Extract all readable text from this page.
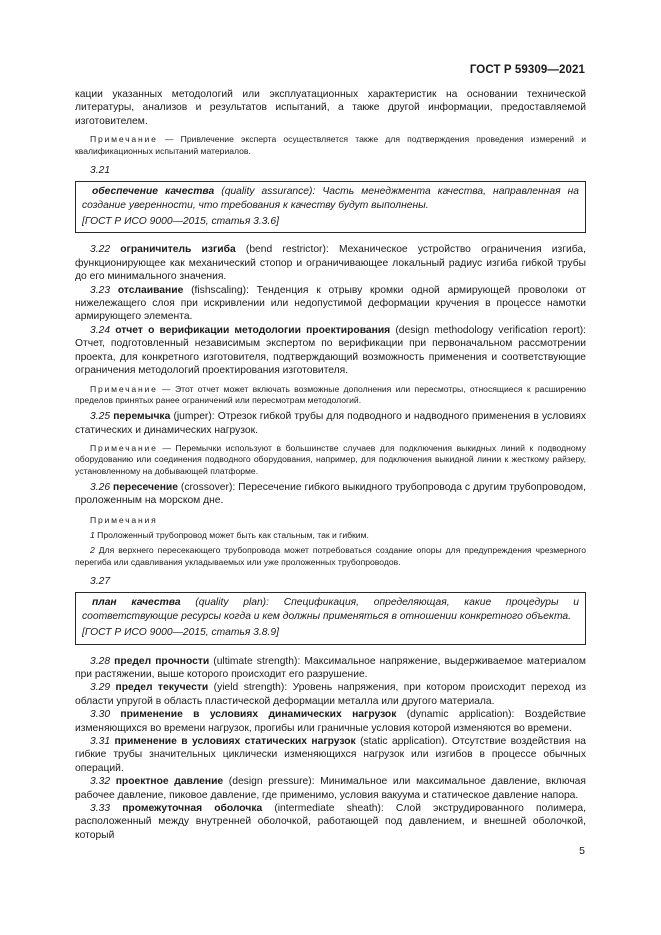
ГОСТ Р 59309—2021

кации указанных методологий или эксплуатационных характеристик на основании технической литературы, анализов и результатов испытаний, а также другой информации, предоставляемой изготовителем.

Примечание — Привлечение эксперта осуществляется также для подтверждения проведения измерений и квалификационных испытаний материалов.

3.21

обеспечение качества (quality assurance): Часть менеджмента качества, направленная на создание уверенности, что требования к качеству будут выполнены.

[ГОСТ Р ИСО 9000—2015, статья 3.3.6]

3.22 ограничитель изгиба (bend restrictor): Механическое устройство ограничения изгиба, функционирующее как механический стопор и ограничивающее локальный радиус изгиба гибкой трубы до его минимального значения.

3.23 отслаивание (fishscaling): Тенденция к отрыву кромки одной армирующей проволоки от нижележащего слоя при искривлении или недопустимой деформации кручения в процессе намотки армирующего элемента.

3.24 отчет о верификации методологии проектирования (design methodology verification report): Отчет, подготовленный независимым экспертом по верификации при первоначальном рассмотрении проекта, для конкретного изготовителя, подтверждающий возможность применения и соответствующие ограничения методологий проектирования изготовителя.

Примечание — Этот отчет может включать возможные дополнения или пересмотры, относящиеся к расширению пределов принятых ранее ограничений или пересмотрам методологий.

3.25 перемычка (jumper): Отрезок гибкой трубы для подводного и надводного применения в условиях статических и динамических нагрузок.

Примечание — Перемычки используют в большинстве случаев для подключения выкидных линий к подводному оборудованию или соединения подводного оборудования, например, для подключения выкидной линии к жесткому райзеру, установленному на добывающей платформе.

3.26 пересечение (crossover): Пересечение гибкого выкидного трубопровода с другим трубопроводом, проложенным на морском дне.

Примечания

1 Проложенный трубопровод может быть как стальным, так и гибким.

2 Для верхнего пересекающего трубопровода может потребоваться создание опоры для предупреждения чрезмерного перегиба или сдавливания укладываемых или уже проложенных трубопроводов.

3.27

план качества (quality plan): Спецификация, определяющая, какие процедуры и соответствующие ресурсы когда и кем должны применяться в отношении конкретного объекта.

[ГОСТ Р ИСО 9000—2015, статья 3.8.9]

3.28 предел прочности (ultimate strength): Максимальное напряжение, выдерживаемое материалом при растяжении, выше которого происходит его разрушение.

3.29 предел текучести (yield strength): Уровень напряжения, при котором происходит переход из области упругой в область пластической деформации металла или другого материала.

3.30 применение в условиях динамических нагрузок (dynamic application): Воздействие изменяющихся во времени нагрузок, прогибы или граничные условия которой изменяются во времени.

3.31 применение в условиях статических нагрузок (static application). Отсутствие воздействия на гибкие трубы значительных циклически изменяющихся нагрузок или изгибов в процессе обычных операций.

3.32 проектное давление (design pressure): Минимальное или максимальное давление, включая рабочее давление, пиковое давление, где применимо, условия вакуума и статическое давление напора.

3.33 промежуточная оболочка (intermediate sheath): Слой экструдированного полимера, расположенный между внутренней оболочкой, работающей под давлением, и внешней оболочкой, который

5
